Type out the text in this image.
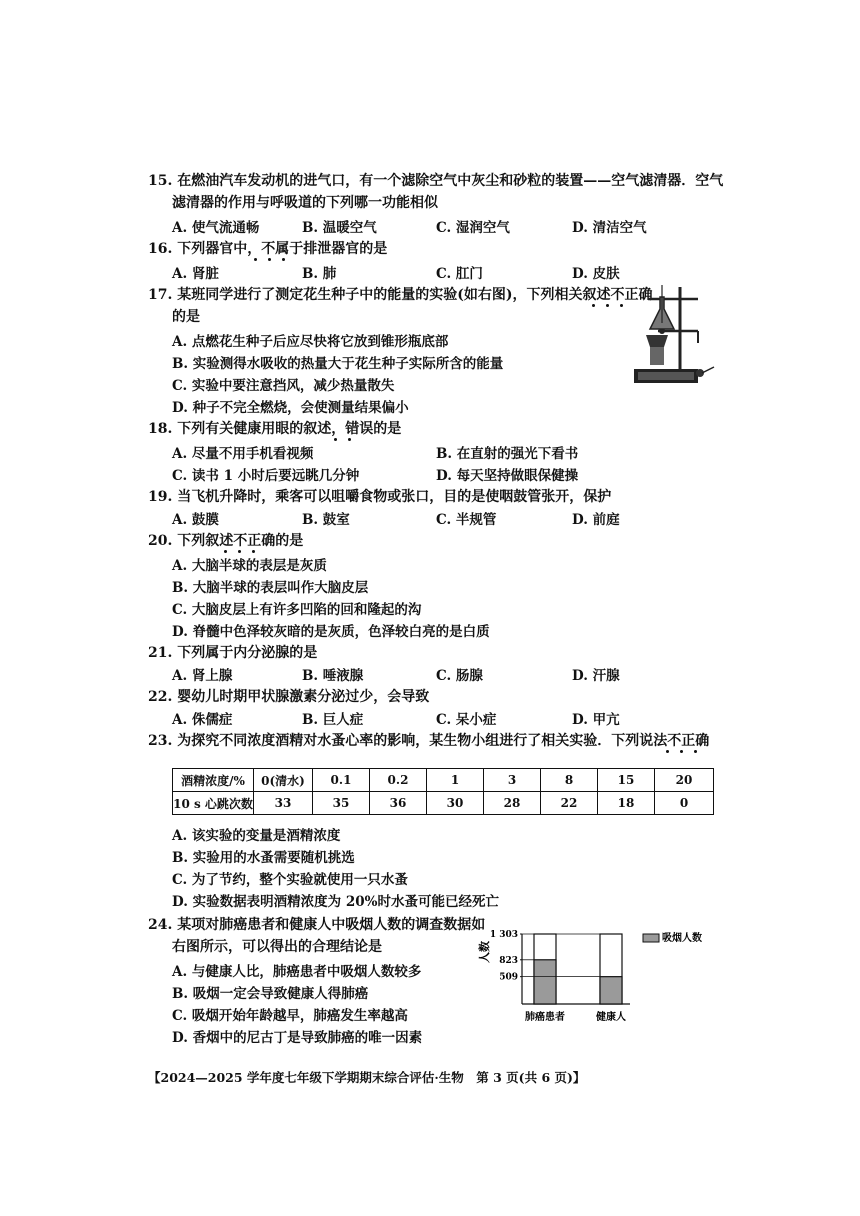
15. 在燃油汽车发动机的进气口，有一个滤除空气中灰尘和砂粒的装置——空气滤清器．空气
滤清器的作用与呼吸道的下列哪一功能相似
A. 使气流通畅	B. 温暖空气	C. 湿润空气	D. 清洁空气
16. 下列器官中，不属于排泄器官的是
A. 肾脏	B. 肺	C. 肛门	D. 皮肤
17. 某班同学进行了测定花生种子中的能量的实验(如右图)，下列相关叙述不正确
的是
A. 点燃花生种子后应尽快将它放到锥形瓶底部
B. 实验测得水吸收的热量大于花生种子实际所含的能量
C. 实验中要注意挡风，减少热量散失
D. 种子不完全燃烧，会使测量结果偏小
18. 下列有关健康用眼的叙述，错误的是
A. 尽量不用手机看视频	B. 在直射的强光下看书
C. 读书 1 小时后要远眺几分钟	D. 每天坚持做眼保健操
19. 当飞机升降时，乘客可以咀嚼食物或张口，目的是使咽鼓管张开，保护
A. 鼓膜	B. 鼓室	C. 半规管	D. 前庭
20. 下列叙述不正确的是
A. 大脑半球的表层是灰质
B. 大脑半球的表层叫作大脑皮层
C. 大脑皮层上有许多凹陷的回和隆起的沟
D. 脊髓中色泽较灰暗的是灰质，色泽较白亮的是白质
21. 下列属于内分泌腺的是
A. 肾上腺	B. 唾液腺	C. 肠腺	D. 汗腺
22. 婴幼儿时期甲状腺激素分泌过少，会导致
A. 侏儒症	B. 巨人症	C. 呆小症	D. 甲亢
23. 为探究不同浓度酒精对水蚤心率的影响，某生物小组进行了相关实验．下列说法不正确
酒精浓度/%	0(清水)	0.1	0.2	1	3	8	15	20
10 s 心跳次数	33	35	36	30	28	22	18	0
A. 该实验的变量是酒精浓度
B. 实验用的水蚤需要随机挑选
C. 为了节约，整个实验就使用一只水蚤
D. 实验数据表明酒精浓度为 20%时水蚤可能已经死亡
24. 某项对肺癌患者和健康人中吸烟人数的调查数据如
右图所示，可以得出的合理结论是
A. 与健康人比，肺癌患者中吸烟人数较多
B. 吸烟一定会导致健康人得肺癌
C. 吸烟开始年龄越早，肺癌发生率越高
D. 香烟中的尼古丁是导致肺癌的唯一因素
人数
509
823
1 303
肺癌患者	健康人
吸烟人数
【2024—2025 学年度七年级下学期期末综合评估·生物　第 3 页(共 6 页)】
